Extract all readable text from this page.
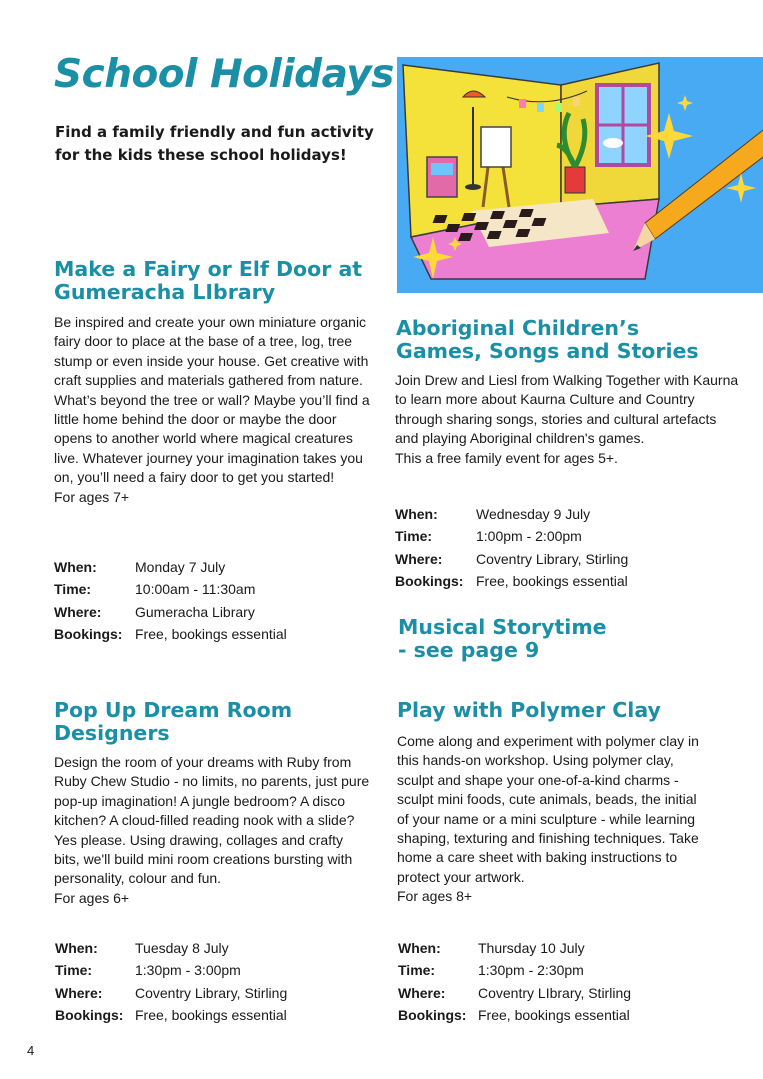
School Holidays

Find a family friendly and fun activity for the kids these school holidays!

Make a Fairy or Elf Door at Gumeracha LIbrary

Be inspired and create your own miniature organic fairy door to place at the base of a tree, log, tree stump or even inside your house. Get creative with craft supplies and materials gathered from nature. What’s beyond the tree or wall? Maybe you’ll find a little home behind the door or maybe the door opens to another world where magical creatures live. Whatever journey your imagination takes you on, you’ll need a fairy door to get you started!

For ages 7+

When:	Monday 7 July
Time:	10:00am - 11:30am
Where:	Gumeracha Library
Bookings:	Free, bookings essential
Aboriginal Children’s Games, Songs and Stories

Join Drew and Liesl from Walking Together with Kaurna to learn more about Kaurna Culture and Country through sharing songs, stories and cultural artefacts and playing Aboriginal children's games.

This a free family event for ages 5+.

When:	Wednesday 9 July
Time:	1:00pm - 2:00pm
Where:	Coventry Library, Stirling
Bookings:	Free, bookings essential
Musical Storytime
- see page 9
Pop Up Dream Room Designers

Design the room of your dreams with Ruby from Ruby Chew Studio - no limits, no parents, just pure pop-up imagination! A jungle bedroom? A disco kitchen? A cloud-filled reading nook with a slide? Yes please. Using drawing, collages and crafty bits, we'll build mini room creations bursting with personality, colour and fun.

For ages 6+

When:	Tuesday 8 July
Time:	1:30pm - 3:00pm
Where:	Coventry Library, Stirling
Bookings:	Free, bookings essential
Play with Polymer Clay

Come along and experiment with polymer clay in this hands-on workshop. Using polymer clay, sculpt and shape your one-of-a-kind charms - sculpt mini foods, cute animals, beads, the initial of your name or a mini sculpture - while learning shaping, texturing and finishing techniques. Take home a care sheet with baking instructions to protect your artwork.

For ages 8+

When:	Thursday 10 July
Time:	1:30pm - 2:30pm
Where:	Coventry LIbrary, Stirling
Bookings:	Free, bookings essential
4
